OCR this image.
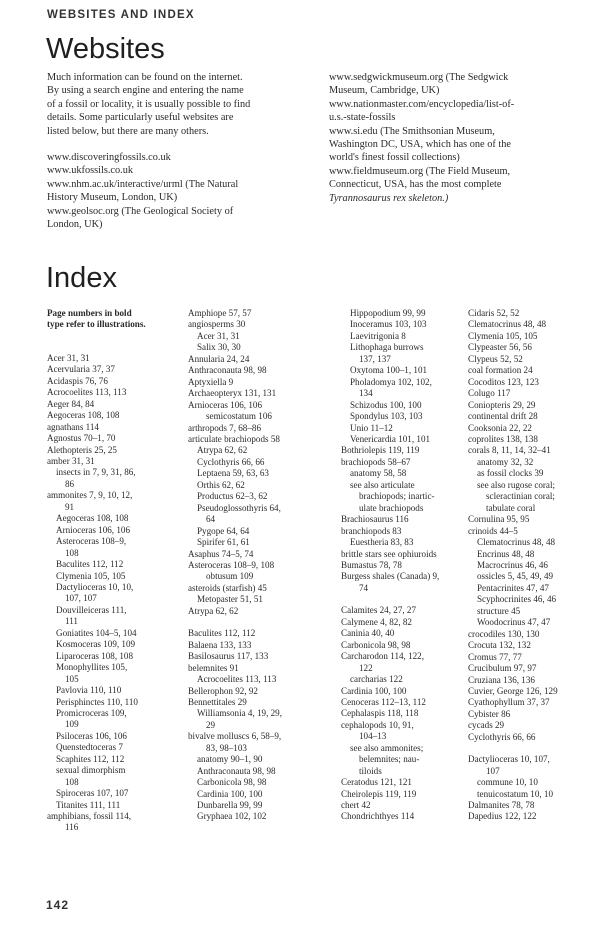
WEBSITES AND INDEX
Websites
Much information can be found on the internet.
By using a search engine and entering the name
of a fossil or locality, it is usually possible to find
details. Some particularly useful websites are
listed below, but there are many others.
www.discoveringfossils.co.uk
www.ukfossils.co.uk
www.nhm.ac.uk/interactive/urml (The Natural
History Museum, London, UK)
www.geolsoc.org (The Geological Society of
London, UK)
www.sedgwickmuseum.org (The Sedgwick
Museum, Cambridge, UK)
www.nationmaster.com/encyclopedia/list-of-
u.s.-state-fossils
www.si.edu (The Smithsonian Museum,
Washington DC, USA, which has one of the
world's finest fossil collections)
www.fieldmuseum.org (The Field Museum,
Connecticut, USA, has the most complete
Tyrannosaurus rex skeleton.)
Index
Page numbers in bold
type refer to illustrations.

Acer 31, 31
Acervularia 37, 37
Acidaspis 76, 76
Acrocoelites 113, 113
Aeger 84, 84
Aegoceras 108, 108
agnathans 114
Agnostus 70–1, 70
Alethopteris 25, 25
amber 31, 31
insects in 7, 9, 31, 86,
86
ammonites 7, 9, 10, 12,
91
Aegoceras 108, 108
Arnioceras 106, 106
Asteroceras 108–9,
108
Baculites 112, 112
Clymenia 105, 105
Dactylioceras 10, 10,
107, 107
Douvilleiceras 111,
111
Goniatites 104–5, 104
Kosmoceras 109, 109
Liparoceras 108, 108
Monophyllites 105,
105
Pavlovia 110, 110
Perisphinctes 110, 110
Promicroceras 109,
109
Psiloceras 106, 106
Quenstedtoceras 7
Scaphites 112, 112
sexual dimorphism
108
Spiroceras 107, 107
Titanites 111, 111
amphibians, fossil 114,
116
Amphiope 57, 57
angiosperms 30
Acer 31, 31
Salix 30, 30
Annularia 24, 24
Anthraconauta 98, 98
Aptyxiella 9
Archaeopteryx 131, 131
Arnioceras 106, 106
semicostatum 106
arthropods 7, 68–86
articulate brachiopods 58
Atrypa 62, 62
Cyclothyris 66, 66
Leptaena 59, 63, 63
Orthis 62, 62
Productus 62–3, 62
Pseudoglossothyris 64,
64
Pygope 64, 64
Spirifer 61, 61
Asaphus 74–5, 74
Asteroceras 108–9, 108
obtusum 109
asteroids (starfish) 45
Metopaster 51, 51
Atrypa 62, 62

Baculites 112, 112
Balaena 133, 133
Basilosaurus 117, 133
belemnites 91
Acrocoelites 113, 113
Bellerophon 92, 92
Bennettitales 29
Williamsonia 4, 19, 29,
29
bivalve molluscs 6, 58–9,
83, 98–103
anatomy 90–1, 90
Anthraconauta 98, 98
Carbonicola 98, 98
Cardinia 100, 100
Dunbarella 99, 99
Gryphaea 102, 102
Hippopodium 99, 99
Inoceramus 103, 103
Laevitrigonia 8
Lithophaga burrows
137, 137
Oxytoma 100–1, 101
Pholadomya 102, 102,
134
Schizodus 100, 100
Spondylus 103, 103
Unio 11–12
Venericardia 101, 101
Bothriolepis 119, 119
brachiopods 58–67
anatomy 58, 58
see also articulate
brachiopods; inartic-
ulate brachiopods
Brachiosaurus 116
branchiopods 83
Euestheria 83, 83
brittle stars see ophiuroids
Bumastus 78, 78
Burgess shales (Canada) 9,
74

Calamites 24, 27, 27
Calymene 4, 82, 82
Caninia 40, 40
Carbonicola 98, 98
Carcharodon 114, 122,
122
carcharias 122
Cardinia 100, 100
Cenoceras 112–13, 112
Cephalaspis 118, 118
cephalopods 10, 91,
104–13
see also ammonites;
belemnites; nau-
tiloids
Ceratodus 121, 121
Cheirolepis 119, 119
chert 42
Chondrichthyes 114
Cidaris 52, 52
Clematocrinus 48, 48
Clymenia 105, 105
Clypeaster 56, 56
Clypeus 52, 52
coal formation 24
Cocoditos 123, 123
Colugo 117
Coniopteris 29, 29
continental drift 28
Cooksonia 22, 22
coprolites 138, 138
corals 8, 11, 14, 32–41
anatomy 32, 32
as fossil clocks 39
see also rugose coral;
scleractinian coral;
tabulate coral
Cornulina 95, 95
crinoids 44–5
Clematocrinus 48, 48
Encrinus 48, 48
Macrocrinus 46, 46
ossicles 5, 45, 49, 49
Pentacrinites 47, 47
Scyphocrinites 46, 46
structure 45
Woodocrinus 47, 47
crocodiles 130, 130
Crocuta 132, 132
Cromus 77, 77
Crucibulum 97, 97
Cruziana 136, 136
Cuvier, George 126, 129
Cyathophyllum 37, 37
Cybister 86
cycads 29
Cyclothyris 66, 66

Dactylioceras 10, 107,
107
commune 10, 10
tenuicostatum 10, 10
Dalmanites 78, 78
Dapedius 122, 122
142
